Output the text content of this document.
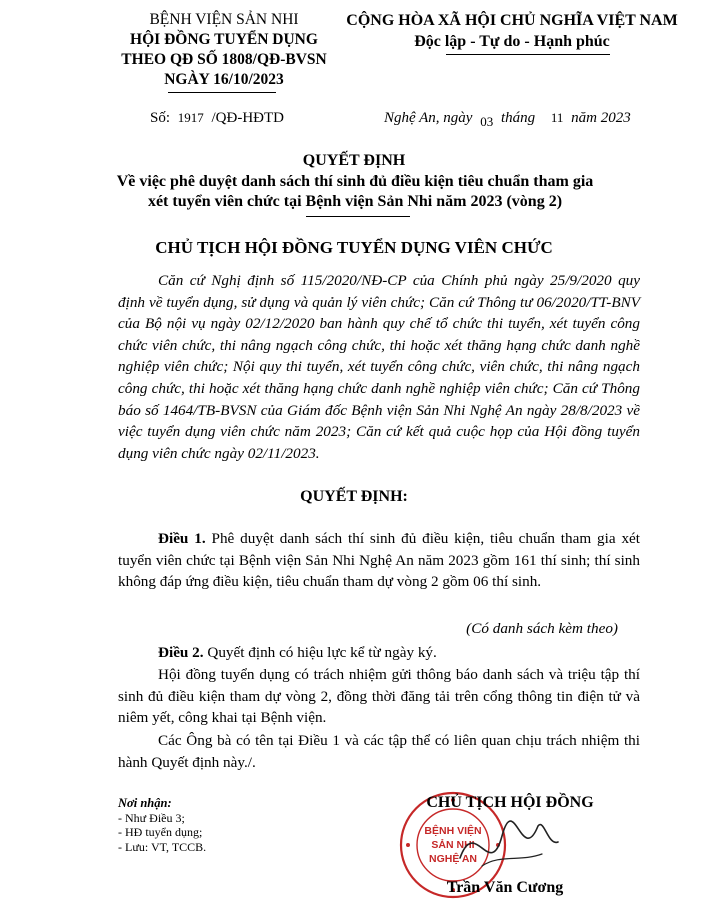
BỆNH VIỆN SẢN NHI
HỘI ĐỒNG TUYỂN DỤNG
THEO QĐ SỐ 1808/QĐ-BVSN
NGÀY 16/10/2023
CỘNG HÒA XÃ HỘI CHỦ NGHĨA VIỆT NAM
Độc lập - Tự do - Hạnh phúc
Số: 1917 /QĐ-HĐTD	Nghệ An, ngày 03 tháng 11 năm 2023
QUYẾT ĐỊNH
Về việc phê duyệt danh sách thí sinh đủ điều kiện tiêu chuẩn tham gia xét tuyển viên chức tại Bệnh viện Sản Nhi năm 2023 (vòng 2)
CHỦ TỊCH HỘI ĐỒNG TUYỂN DỤNG VIÊN CHỨC
Căn cứ Nghị định số 115/2020/NĐ-CP của Chính phủ ngày 25/9/2020 quy định về tuyển dụng, sử dụng và quản lý viên chức; Căn cứ Thông tư 06/2020/TT-BNV của Bộ nội vụ ngày 02/12/2020 ban hành quy chế tổ chức thi tuyển, xét tuyển công chức viên chức, thi nâng ngạch công chức, thi hoặc xét thăng hạng chức danh nghề nghiệp viên chức; Nội quy thi tuyển, xét tuyển công chức, viên chức, thi nâng ngạch công chức, thi hoặc xét thăng hạng chức danh nghề nghiệp viên chức; Căn cứ Thông báo số 1464/TB-BVSN của Giám đốc Bệnh viện Sản Nhi Nghệ An ngày 28/8/2023 về việc tuyển dụng viên chức năm 2023; Căn cứ kết quả cuộc họp của Hội đồng tuyển dụng viên chức ngày 02/11/2023.
QUYẾT ĐỊNH:
Điều 1. Phê duyệt danh sách thí sinh đủ điều kiện, tiêu chuẩn tham gia xét tuyển viên chức tại Bệnh viện Sản Nhi Nghệ An năm 2023 gồm 161 thí sinh; thí sinh không đáp ứng điều kiện, tiêu chuẩn tham dự vòng 2 gồm 06 thí sinh.
(Có danh sách kèm theo)
Điều 2. Quyết định có hiệu lực kể từ ngày ký.
Hội đồng tuyển dụng có trách nhiệm gửi thông báo danh sách và triệu tập thí sinh đủ điều kiện tham dự vòng 2, đồng thời đăng tải trên cổng thông tin điện tử và niêm yết, công khai tại Bệnh viện.
Các Ông bà có tên tại Điều 1 và các tập thể có liên quan chịu trách nhiệm thi hành Quyết định này./.
Nơi nhận:
- Như Điều 3;
- HĐ tuyển dụng;
- Lưu: VT, TCCB.
BỆNH VIỆN
SẢN NHI
NGHỆ AN
CHỦ TỊCH HỘI ĐỒNG
Trần Văn Cương
